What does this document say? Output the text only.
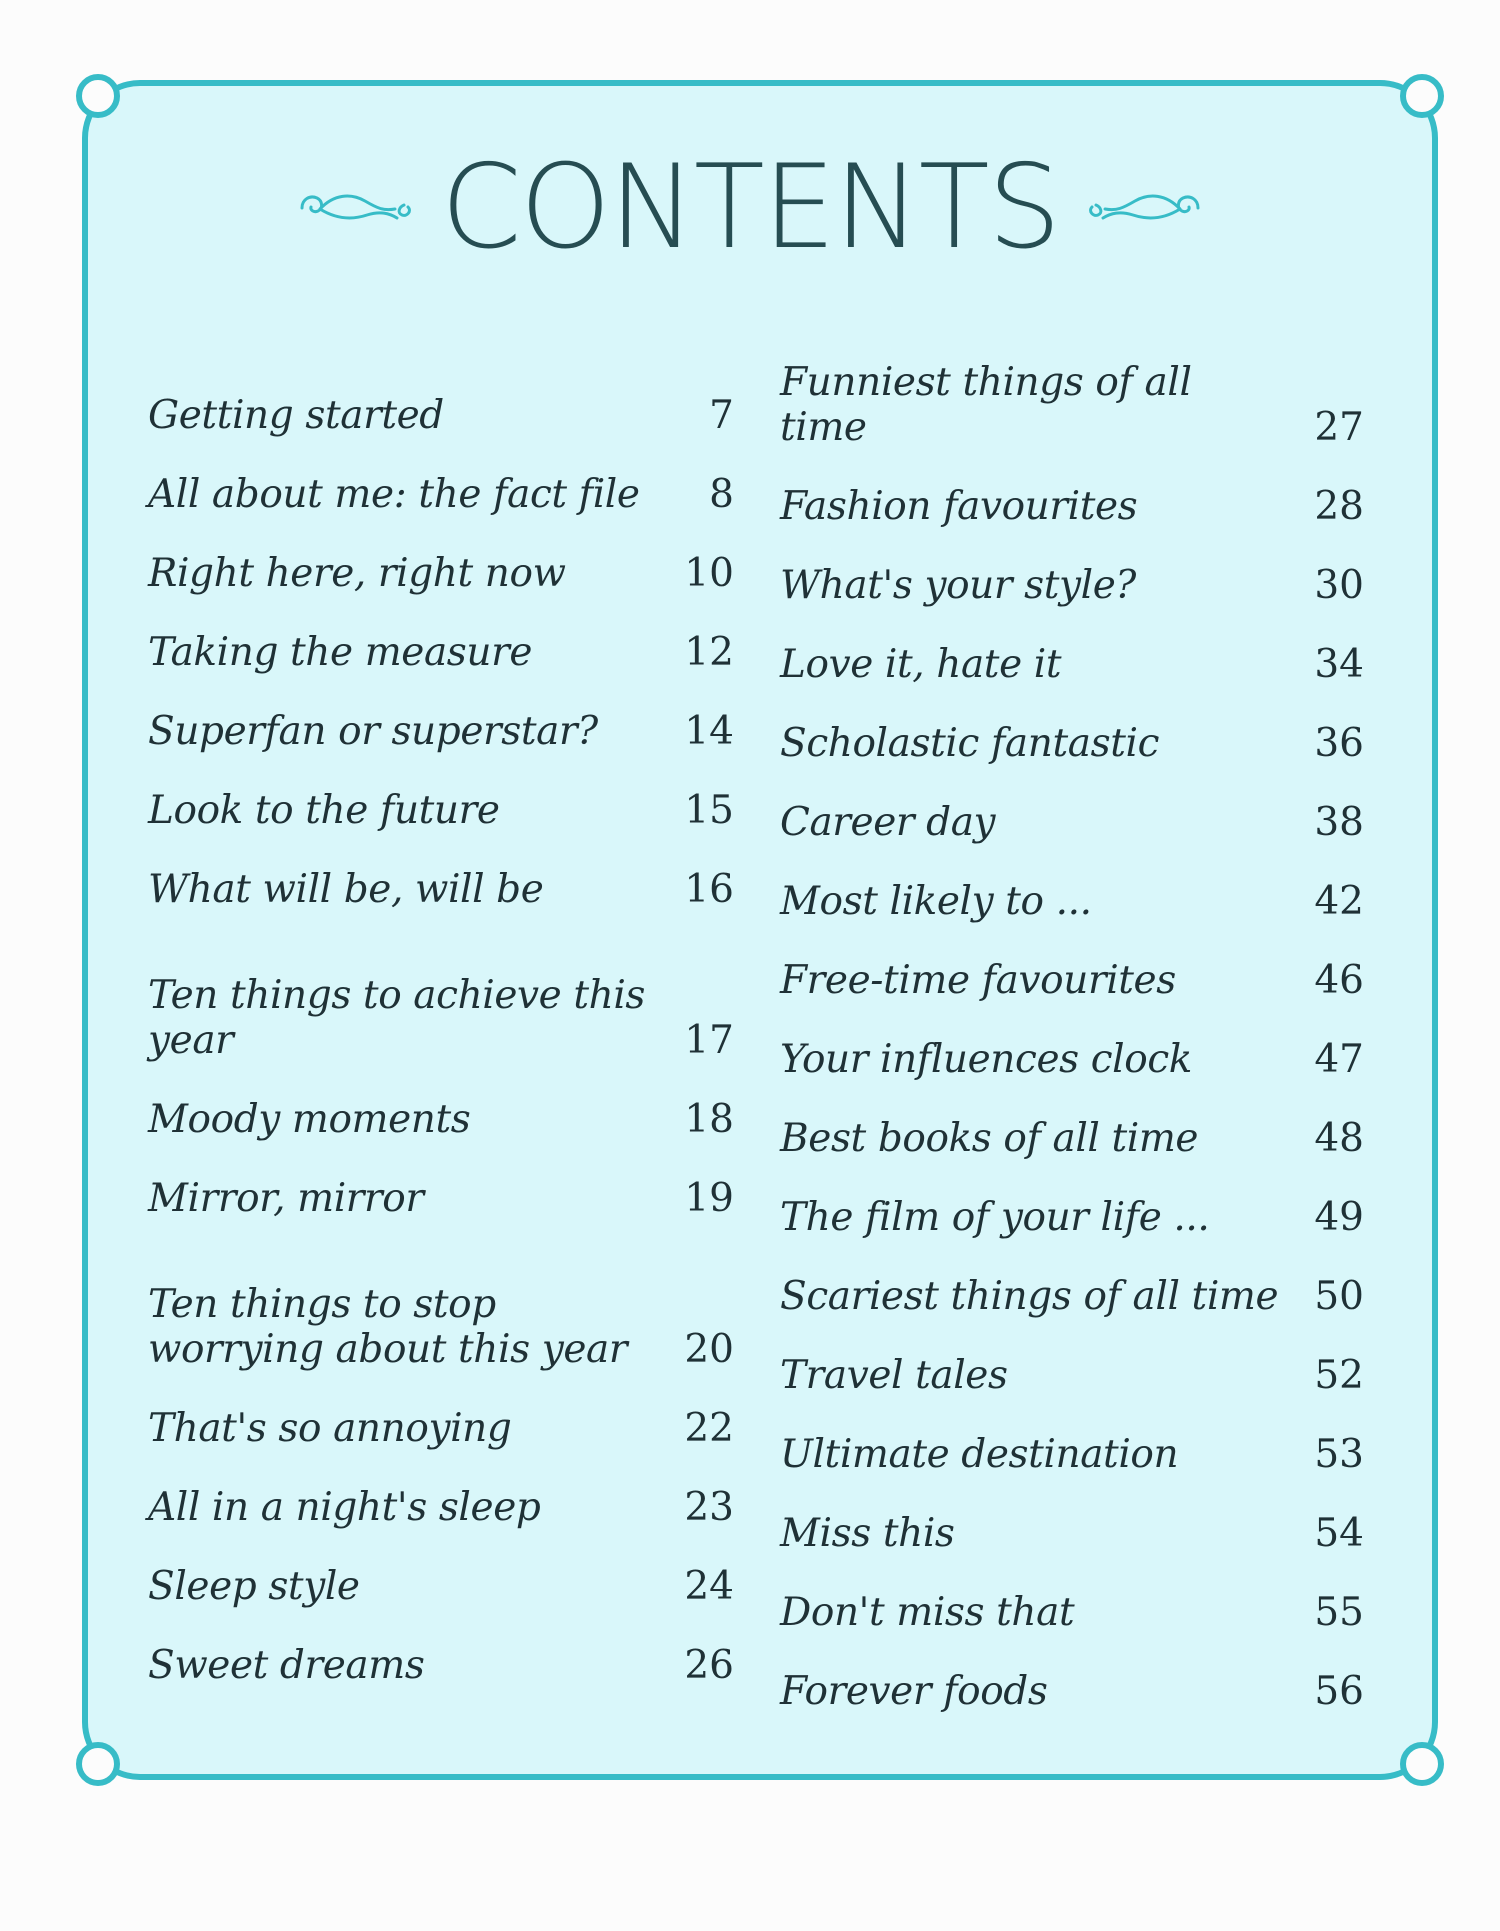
CONTENTS
Getting started	7
All about me: the fact file	8
Right here, right now	10
Taking the measure	12
Superfan or superstar?	14
Look to the future	15
What will be, will be	16
Ten things to achieve this year	17
Moody moments	18
Mirror, mirror	19
Ten things to stop worrying about this year	20
That's so annoying	22
All in a night's sleep	23
Sleep style	24
Sweet dreams	26
Funniest things of all time	27
Fashion favourites	28
What's your style?	30
Love it, hate it	34
Scholastic fantastic	36
Career day	38
Most likely to ...	42
Free-time favourites	46
Your influences clock	47
Best books of all time	48
The film of your life ...	49
Scariest things of all time 50
Travel tales	52
Ultimate destination	53
Miss this	54
Don't miss that	55
Forever foods	56
